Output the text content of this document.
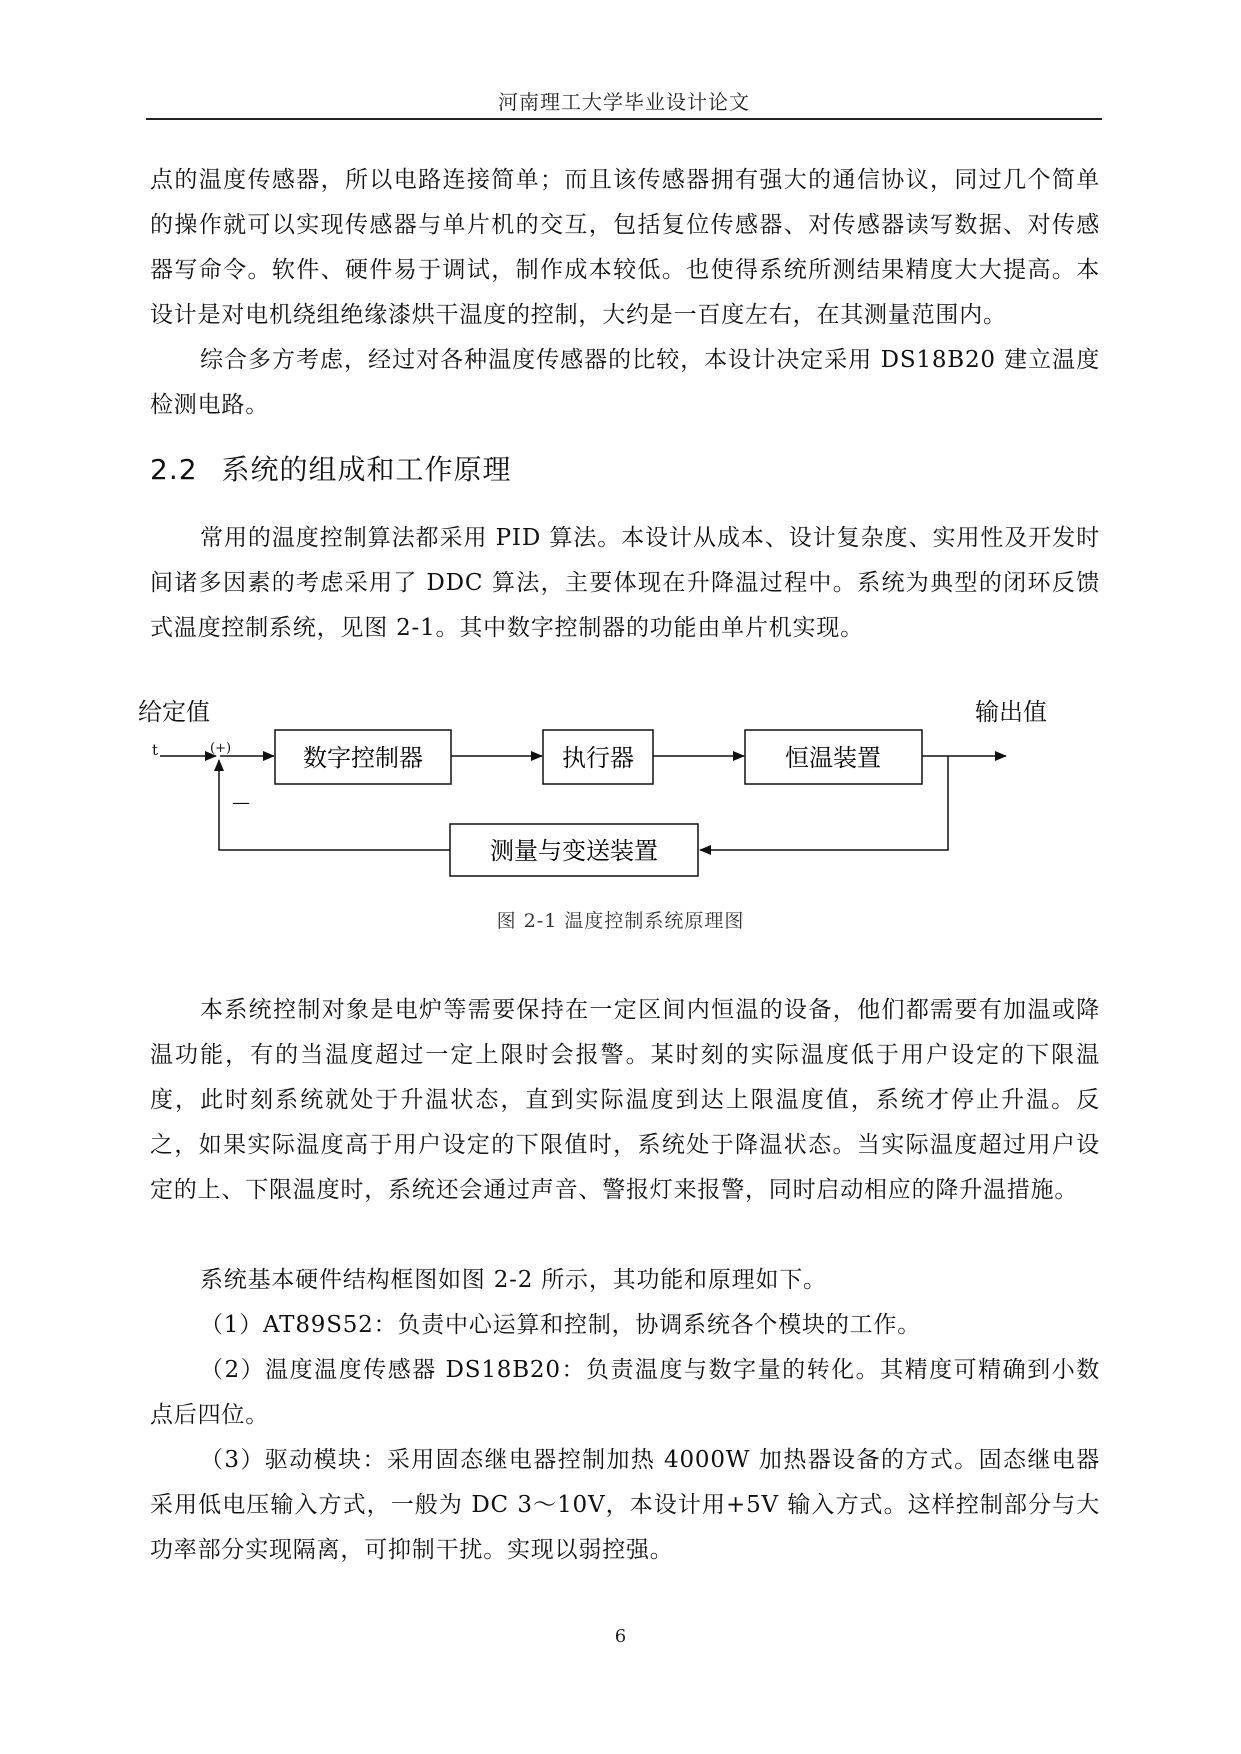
河南理工大学毕业设计论文

点的温度传感器，所以电路连接简单；而且该传感器拥有强大的通信协议，同过几个简单的操作就可以实现传感器与单片机的交互，包括复位传感器、对传感器读写数据、对传感器写命令。软件、硬件易于调试，制作成本较低。也使得系统所测结果精度大大提高。本设计是对电机绕组绝缘漆烘干温度的控制，大约是一百度左右，在其测量范围内。

综合多方考虑，经过对各种温度传感器的比较，本设计决定采用 DS18B20 建立温度检测电路。

2.2 系统的组成和工作原理

常用的温度控制算法都采用 PID 算法。本设计从成本、设计复杂度、实用性及开发时间诸多因素的考虑采用了 DDC 算法，主要体现在升降温过程中。系统为典型的闭环反馈式温度控制系统，见图 2-1。其中数字控制器的功能由单片机实现。

给定值	输出值
t	(+)
—
数字控制器	执行器	恒温装置
测量与变送装置
图 2-1 温度控制系统原理图

本系统控制对象是电炉等需要保持在一定区间内恒温的设备，他们都需要有加温或降温功能，有的当温度超过一定上限时会报警。某时刻的实际温度低于用户设定的下限温度，此时刻系统就处于升温状态，直到实际温度到达上限温度值，系统才停止升温。反之，如果实际温度高于用户设定的下限值时，系统处于降温状态。当实际温度超过用户设定的上、下限温度时，系统还会通过声音、警报灯来报警，同时启动相应的降升温措施。

系统基本硬件结构框图如图 2-2 所示，其功能和原理如下。

（1）AT89S52：负责中心运算和控制，协调系统各个模块的工作。

（2）温度温度传感器 DS18B20：负责温度与数字量的转化。其精度可精确到小数点后四位。

（3）驱动模块：采用固态继电器控制加热 4000W 加热器设备的方式。固态继电器采用低电压输入方式，一般为 DC 3～10V，本设计用+5V 输入方式。这样控制部分与大功率部分实现隔离，可抑制干扰。实现以弱控强。

6
